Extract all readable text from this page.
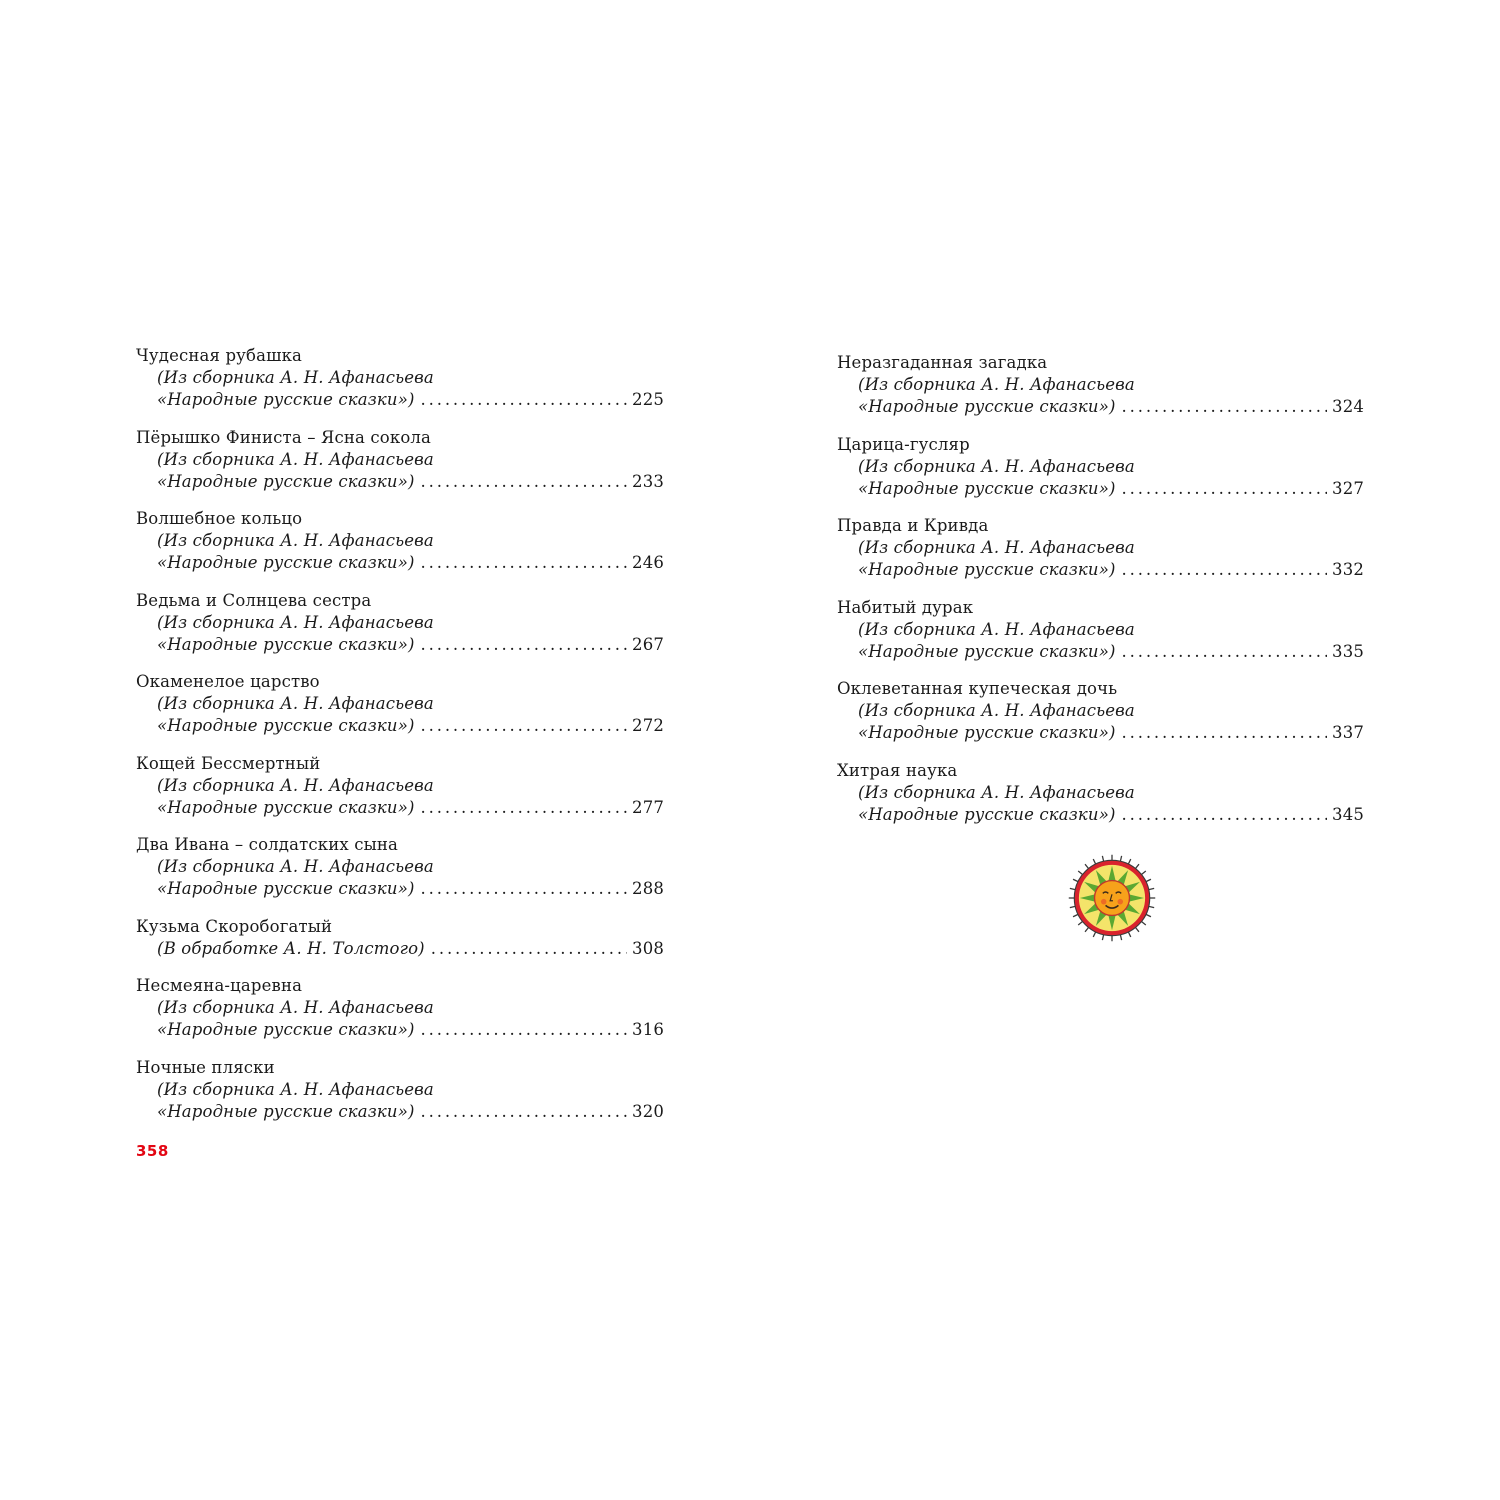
Чудесная рубашка
(Из сборника А. Н. Афанасьева
«Народные русские сказки») . . .	225
Пёрышко Финиста – Ясна сокола
(Из сборника А. Н. Афанасьева
«Народные русские сказки») . . .	233
Волшебное кольцо
(Из сборника А. Н. Афанасьева
«Народные русские сказки») . . .	246
Ведьма и Солнцева сестра
(Из сборника А. Н. Афанасьева
«Народные русские сказки») . . .	267
Окаменелое царство
(Из сборника А. Н. Афанасьева
«Народные русские сказки») . . .	272
Кощей Бессмертный
(Из сборника А. Н. Афанасьева
«Народные русские сказки») . . .	277
Два Ивана – солдатских сына
(Из сборника А. Н. Афанасьева
«Народные русские сказки») . . .	288
Кузьма Скоробогатый
(В обработке А. Н. Толстого) . . .	308
Несмеяна-царевна
(Из сборника А. Н. Афанасьева
«Народные русские сказки») . . .	316
Ночные пляски
(Из сборника А. Н. Афанасьева
«Народные русские сказки») . . .	320
Неразгаданная загадка
(Из сборника А. Н. Афанасьева
«Народные русские сказки») . . .	324
Царица-гусляр
(Из сборника А. Н. Афанасьева
«Народные русские сказки») . . .	327
Правда и Кривда
(Из сборника А. Н. Афанасьева
«Народные русские сказки») . . .	332
Набитый дурак
(Из сборника А. Н. Афанасьева
«Народные русские сказки») . . .	335
Оклеветанная купеческая дочь
(Из сборника А. Н. Афанасьева
«Народные русские сказки») . . .	337
Хитрая наука
(Из сборника А. Н. Афанасьева
«Народные русские сказки») . . .	345
358
